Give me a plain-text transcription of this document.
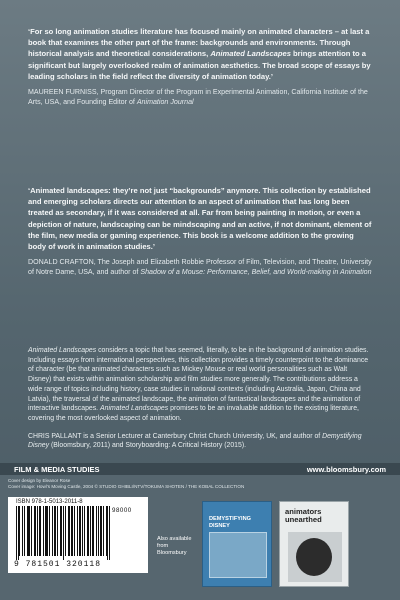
‘For so long animation studies literature has focused mainly on animated characters – at last a book that examines the other part of the frame: backgrounds and environments. Through historical analysis and theoretical considerations, Animated Landscapes brings attention to a significant but largely overlooked realm of animation aesthetics. The broad scope of essays by leading scholars in the field reflect the diversity of animation today.’

MAUREEN FURNISS, Program Director of the Program in Experimental Animation, California Institute of the Arts, USA, and Founding Editor of Animation Journal

‘Animated landscapes: they’re not just “backgrounds” anymore. This collection by established and emerging scholars directs our attention to an aspect of animation that has long been treated as secondary, if it was considered at all. Far from being painting in motion, or even a depiction of nature, landscaping can be mindscaping and an active, if not dominant, element of the film, new media or gaming experience. This book is a welcome addition to the growing body of work in animation studies.’

DONALD CRAFTON, The Joseph and Elizabeth Robbie Professor of Film, Television, and Theatre, University of Notre Dame, USA, and author of Shadow of a Mouse: Performance, Belief, and World-making in Animation

Animated Landscapes considers a topic that has seemed, literally, to be in the background of animation studies. Including essays from international perspectives, this collection provides a timely counterpoint to the dominance of character (be that animated characters such as Mickey Mouse or real world personalities such as Walt Disney) that exists within animation scholarship and film studies more generally. The contributions address a wide range of topics including history, case studies in national contexts (including Australia, Japan, China and Latvia), the traversal of the animated landscape, the animation of fantastical landscapes and the animation of interactive landscapes. Animated Landscapes promises to be an invaluable addition to the existing literature, covering the most overlooked aspect of animation.

CHRIS PALLANT is a Senior Lecturer at Canterbury Christ Church University, UK, and author of Demystifying Disney (Bloomsbury, 2011) and Storyboarding: A Critical History (2015).

FILM & MEDIA STUDIES	www.bloomsbury.com
Cover design by Eleanor Rose
Cover image: Howl’s Moving Castle, 2004 © STUDIO GHIBLI/NTV/TOKUMA SHOTEN / THE KOBAL COLLECTION
ISBN 978-1-5013-2011-8
98000
9 781501 320118
Also available from Bloomsbury
DEMYSTIFYING
DISNEY
animators
unearthed
